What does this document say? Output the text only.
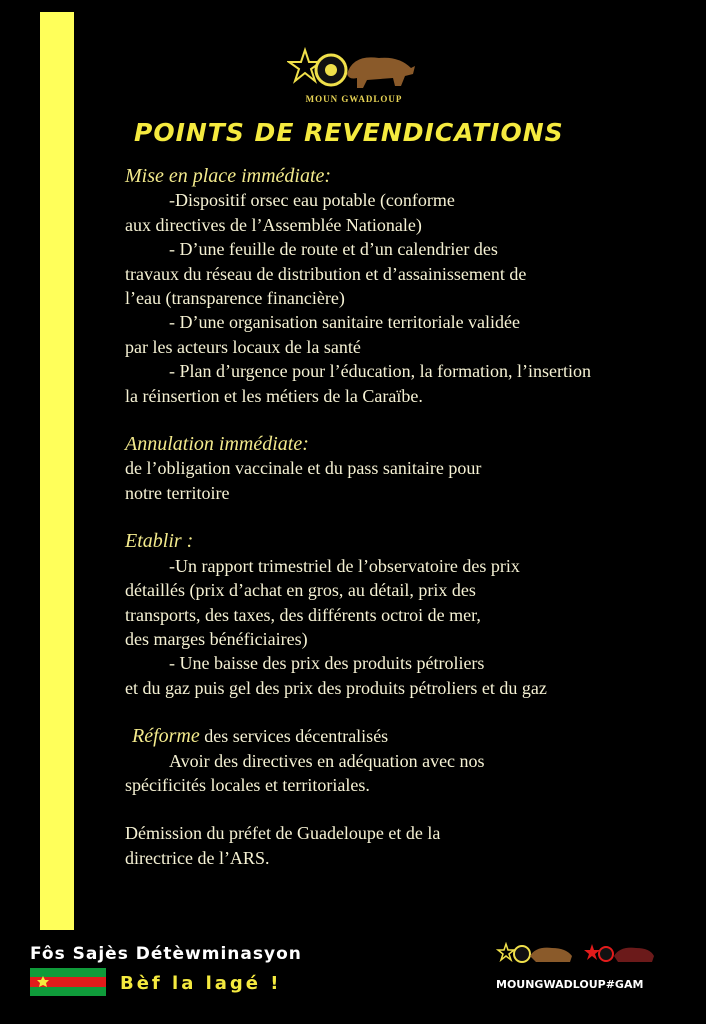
MOUN GWADLOUP
POINTS DE REVENDICATIONS
Mise en place immédiate:
-Dispositif orsec eau potable (conforme
aux directives de l’Assemblée Nationale)
- D’une feuille de route et d’un calendrier des
travaux du réseau de distribution et d’assainissement de
l’eau (transparence financière)
- D’une organisation sanitaire territoriale validée
par les acteurs locaux de la santé
- Plan d’urgence pour l’éducation, la formation, l’insertion
la réinsertion et les métiers de la Caraïbe.
Annulation immédiate:
de l’obligation vaccinale et du pass sanitaire pour
notre territoire
Etablir :
-Un rapport trimestriel de l’observatoire des prix
détaillés (prix d’achat en gros, au détail, prix des
transports, des taxes, des différents octroi de mer,
des marges bénéficiaires)
- Une baisse des prix des produits pétroliers
et du gaz puis gel des prix des produits pétroliers et du gaz
Réforme des services décentralisés
Avoir des directives en adéquation avec nos
spécificités locales et territoriales.
Démission du préfet de Guadeloupe et de la
directrice de l’ARS.
Fôs Sajès Détèwminasyon
Bèf la lagé !	MOUNGWADLOUP#GAM
